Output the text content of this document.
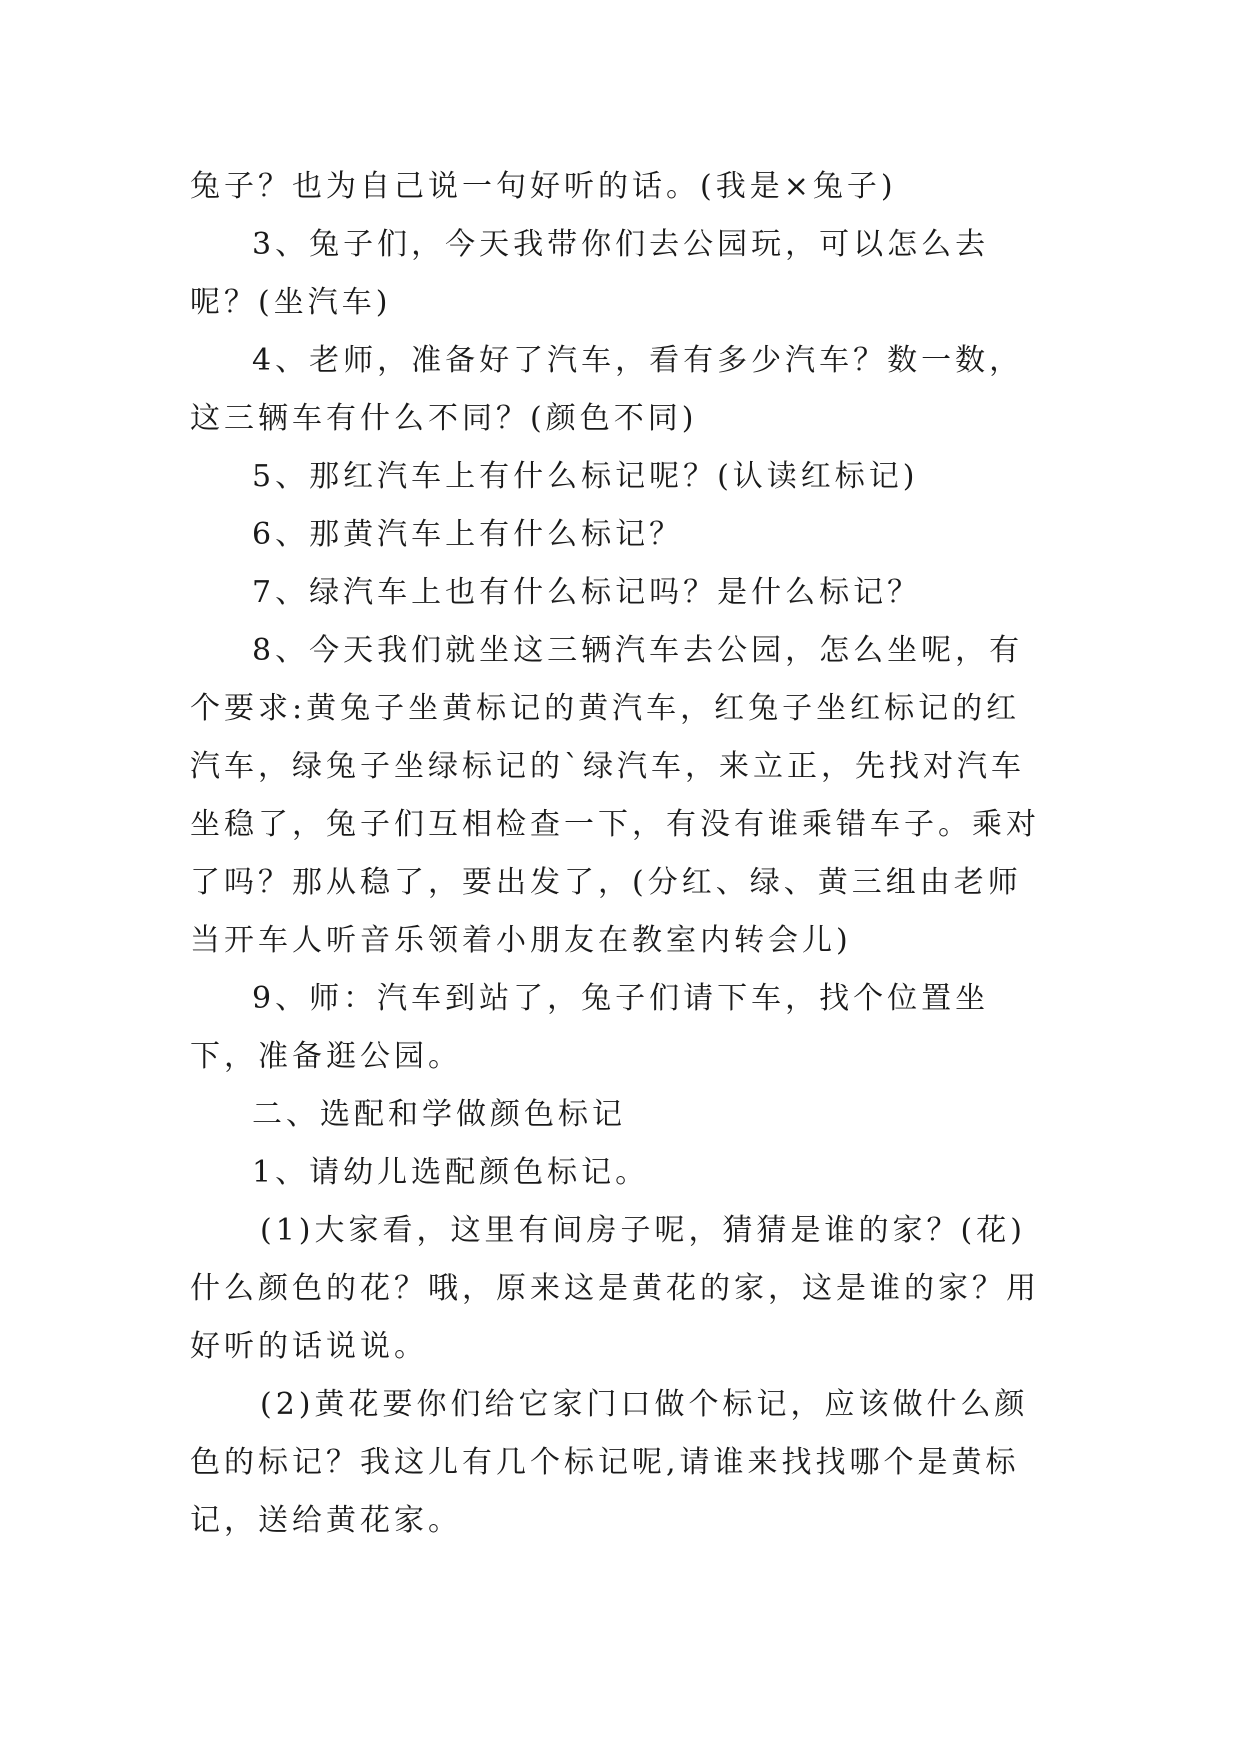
兔子？也为自己说一句好听的话。(我是×兔子)

3、兔子们，今天我带你们去公园玩，可以怎么去呢？(坐汽车)

4、老师，准备好了汽车，看有多少汽车？数一数，这三辆车有什么不同？(颜色不同)

5、那红汽车上有什么标记呢？(认读红标记)

6、那黄汽车上有什么标记？

7、绿汽车上也有什么标记吗？是什么标记？

8、今天我们就坐这三辆汽车去公园，怎么坐呢，有个要求:黄兔子坐黄标记的黄汽车，红兔子坐红标记的红汽车，绿兔子坐绿标记的`绿汽车，来立正，先找对汽车坐稳了，兔子们互相检查一下，有没有谁乘错车子。乘对了吗？那从稳了，要出发了，(分红、绿、黄三组由老师当开车人听音乐领着小朋友在教室内转会儿)

9、师：汽车到站了，兔子们请下车，找个位置坐下，准备逛公园。

二、选配和学做颜色标记

1、请幼儿选配颜色标记。

(1)大家看，这里有间房子呢，猜猜是谁的家？(花)什么颜色的花？哦，原来这是黄花的家，这是谁的家？用好听的话说说。

(2)黄花要你们给它家门口做个标记，应该做什么颜色的标记？我这儿有几个标记呢,请谁来找找哪个是黄标记，送给黄花家。
